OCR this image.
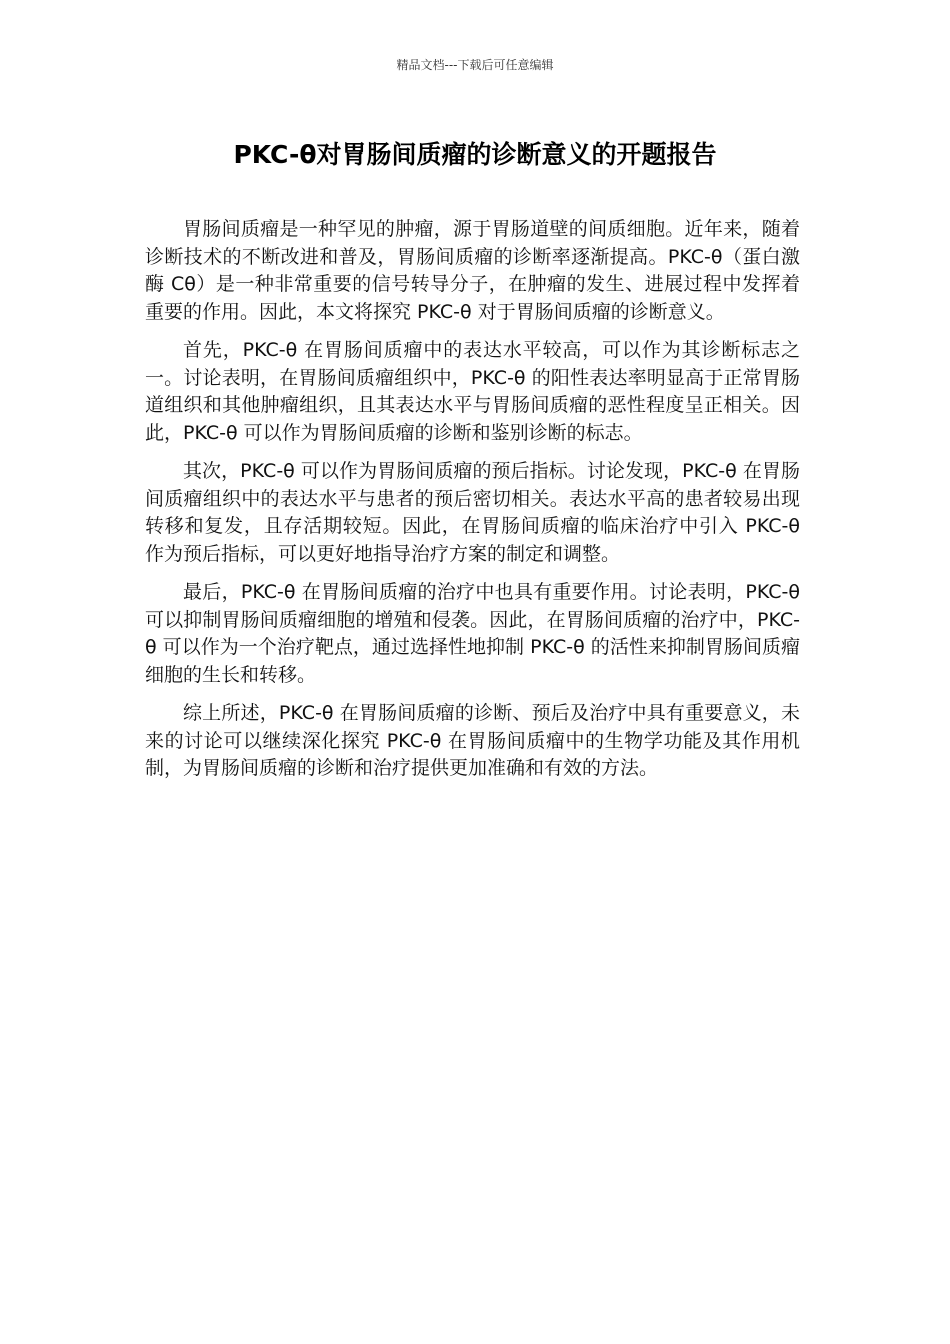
精品文档---下载后可任意编辑
PKC-θ对胃肠间质瘤的诊断意义的开题报告

胃肠间质瘤是一种罕见的肿瘤，源于胃肠道壁的间质细胞。近年来，随着诊断技术的不断改进和普及，胃肠间质瘤的诊断率逐渐提高。PKC-θ（蛋白激酶 Cθ）是一种非常重要的信号转导分子，在肿瘤的发生、进展过程中发挥着重要的作用。因此，本文将探究 PKC-θ 对于胃肠间质瘤的诊断意义。

首先，PKC-θ 在胃肠间质瘤中的表达水平较高，可以作为其诊断标志之一。讨论表明，在胃肠间质瘤组织中，PKC-θ 的阳性表达率明显高于正常胃肠道组织和其他肿瘤组织，且其表达水平与胃肠间质瘤的恶性程度呈正相关。因此，PKC-θ 可以作为胃肠间质瘤的诊断和鉴别诊断的标志。

其次，PKC-θ 可以作为胃肠间质瘤的预后指标。讨论发现，PKC-θ 在胃肠间质瘤组织中的表达水平与患者的预后密切相关。表达水平高的患者较易出现转移和复发，且存活期较短。因此，在胃肠间质瘤的临床治疗中引入 PKC-θ 作为预后指标，可以更好地指导治疗方案的制定和调整。

最后，PKC-θ 在胃肠间质瘤的治疗中也具有重要作用。讨论表明，PKC-θ 可以抑制胃肠间质瘤细胞的增殖和侵袭。因此，在胃肠间质瘤的治疗中，PKC-θ 可以作为一个治疗靶点，通过选择性地抑制 PKC-θ 的活性来抑制胃肠间质瘤细胞的生长和转移。

综上所述，PKC-θ 在胃肠间质瘤的诊断、预后及治疗中具有重要意义，未来的讨论可以继续深化探究 PKC-θ 在胃肠间质瘤中的生物学功能及其作用机制，为胃肠间质瘤的诊断和治疗提供更加准确和有效的方法。
